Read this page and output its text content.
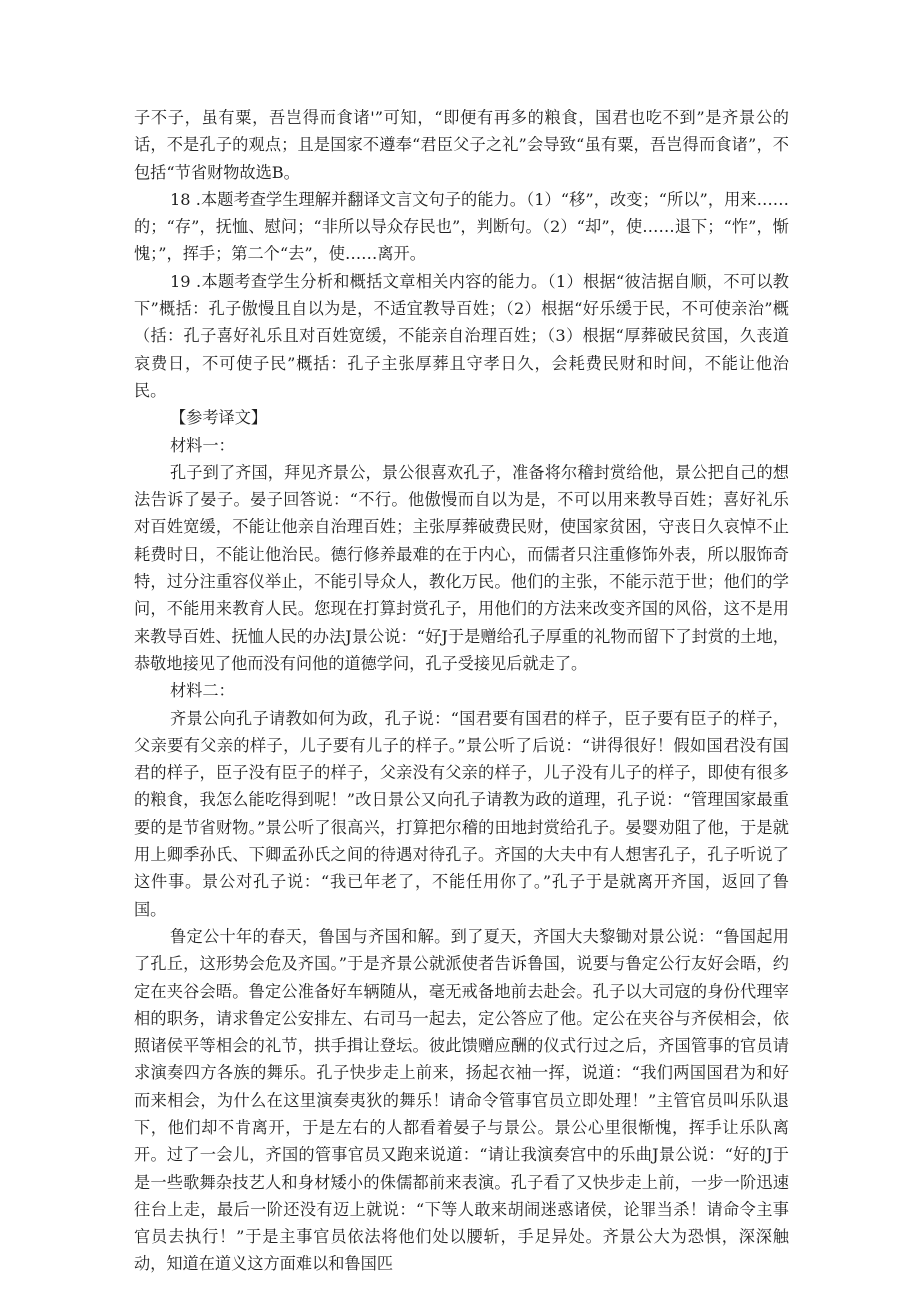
子不子，虽有粟，吾岂得而食诸'”可知，“即便有再多的粮食，国君也吃不到”是齐景公的话，不是孔子的观点；且是国家不遵奉“君臣父子之礼”会导致“虽有粟，吾岂得而食诸”，不包括“节省财物故选B。

18 .本题考查学生理解并翻译文言文句子的能力。（1）“移”，改变；“所以”，用来……的；“存”，抚恤、慰问；“非所以导众存民也”，判断句。（2）“却”，使……退下；“怍”，惭愧；”，挥手；第二个“去”，使……离开。

19 .本题考查学生分析和概括文章相关内容的能力。（1）根据“彼洁据自顺，不可以教下”概括：孔子傲慢且自以为是，不适宜教导百姓；（2）根据“好乐缓于民，不可使亲治”概（括：孔子喜好礼乐且对百姓宽缓，不能亲自治理百姓；（3）根据“厚葬破民贫国，久丧道哀费日，不可使子民”概括：孔子主张厚葬且守孝日久，会耗费民财和时间，不能让他治民。

【参考译文】

材料一：

孔子到了齐国，拜见齐景公，景公很喜欢孔子，准备将尔稽封赏给他，景公把自己的想法告诉了晏子。晏子回答说：“不行。他傲慢而自以为是，不可以用来教导百姓；喜好礼乐对百姓宽缓，不能让他亲自治理百姓；主张厚葬破费民财，使国家贫困，守丧日久哀悼不止耗费时日，不能让他治民。德行修养最难的在于内心，而儒者只注重修饰外表，所以服饰奇特，过分注重容仪举止，不能引导众人，教化万民。他们的主张，不能示范于世；他们的学问，不能用来教育人民。您现在打算封赏孔子，用他们的方法来改变齐国的风俗，这不是用来教导百姓、抚恤人民的办法J景公说：“好J于是赠给孔子厚重的礼物而留下了封赏的土地，恭敬地接见了他而没有问他的道德学问，孔子受接见后就走了。

材料二：

齐景公向孔子请教如何为政，孔子说：“国君要有国君的样子，臣子要有臣子的样子，父亲要有父亲的样子，儿子要有儿子的样子。”景公听了后说：“讲得很好！假如国君没有国君的样子，臣子没有臣子的样子，父亲没有父亲的样子，儿子没有儿子的样子，即使有很多的粮食，我怎么能吃得到呢！”改日景公又向孔子请教为政的道理，孔子说：“管理国家最重要的是节省财物。”景公听了很高兴，打算把尔稽的田地封赏给孔子。晏婴劝阻了他，于是就用上卿季孙氏、下卿孟孙氏之间的待遇对待孔子。齐国的大夫中有人想害孔子，孔子听说了这件事。景公对孔子说：“我已年老了，不能任用你了。”孔子于是就离开齐国，返回了鲁国。

鲁定公十年的春天，鲁国与齐国和解。到了夏天，齐国大夫黎锄对景公说：“鲁国起用了孔丘，这形势会危及齐国。”于是齐景公就派使者告诉鲁国，说要与鲁定公行友好会晤，约定在夹谷会晤。鲁定公准备好车辆随从，毫无戒备地前去赴会。孔子以大司寇的身份代理宰相的职务，请求鲁定公安排左、右司马一起去，定公答应了他。定公在夹谷与齐侯相会，依照诸侯平等相会的礼节，拱手揖让登坛。彼此馈赠应酬的仪式行过之后，齐国管事的官员请求演奏四方各族的舞乐。孔子快步走上前来，扬起衣袖一挥，说道：“我们两国国君为和好而来相会，为什么在这里演奏夷狄的舞乐！请命令管事官员立即处理！”主管官员叫乐队退下，他们却不肯离开，于是左右的人都看着晏子与景公。景公心里很惭愧，挥手让乐队离开。过了一会儿，齐国的管事官员又跑来说道：“请让我演奏宫中的乐曲J景公说：“好的J于是一些歌舞杂技艺人和身材矮小的侏儒都前来表演。孔子看了又快步走上前，一步一阶迅速往台上走，最后一阶还没有迈上就说：“下等人敢来胡闹迷惑诸侯，论罪当杀！请命令主事官员去执行！”于是主事官员依法将他们处以腰斩，手足异处。齐景公大为恐惧，深深触动，知道在道义这方面难以和鲁国匹
